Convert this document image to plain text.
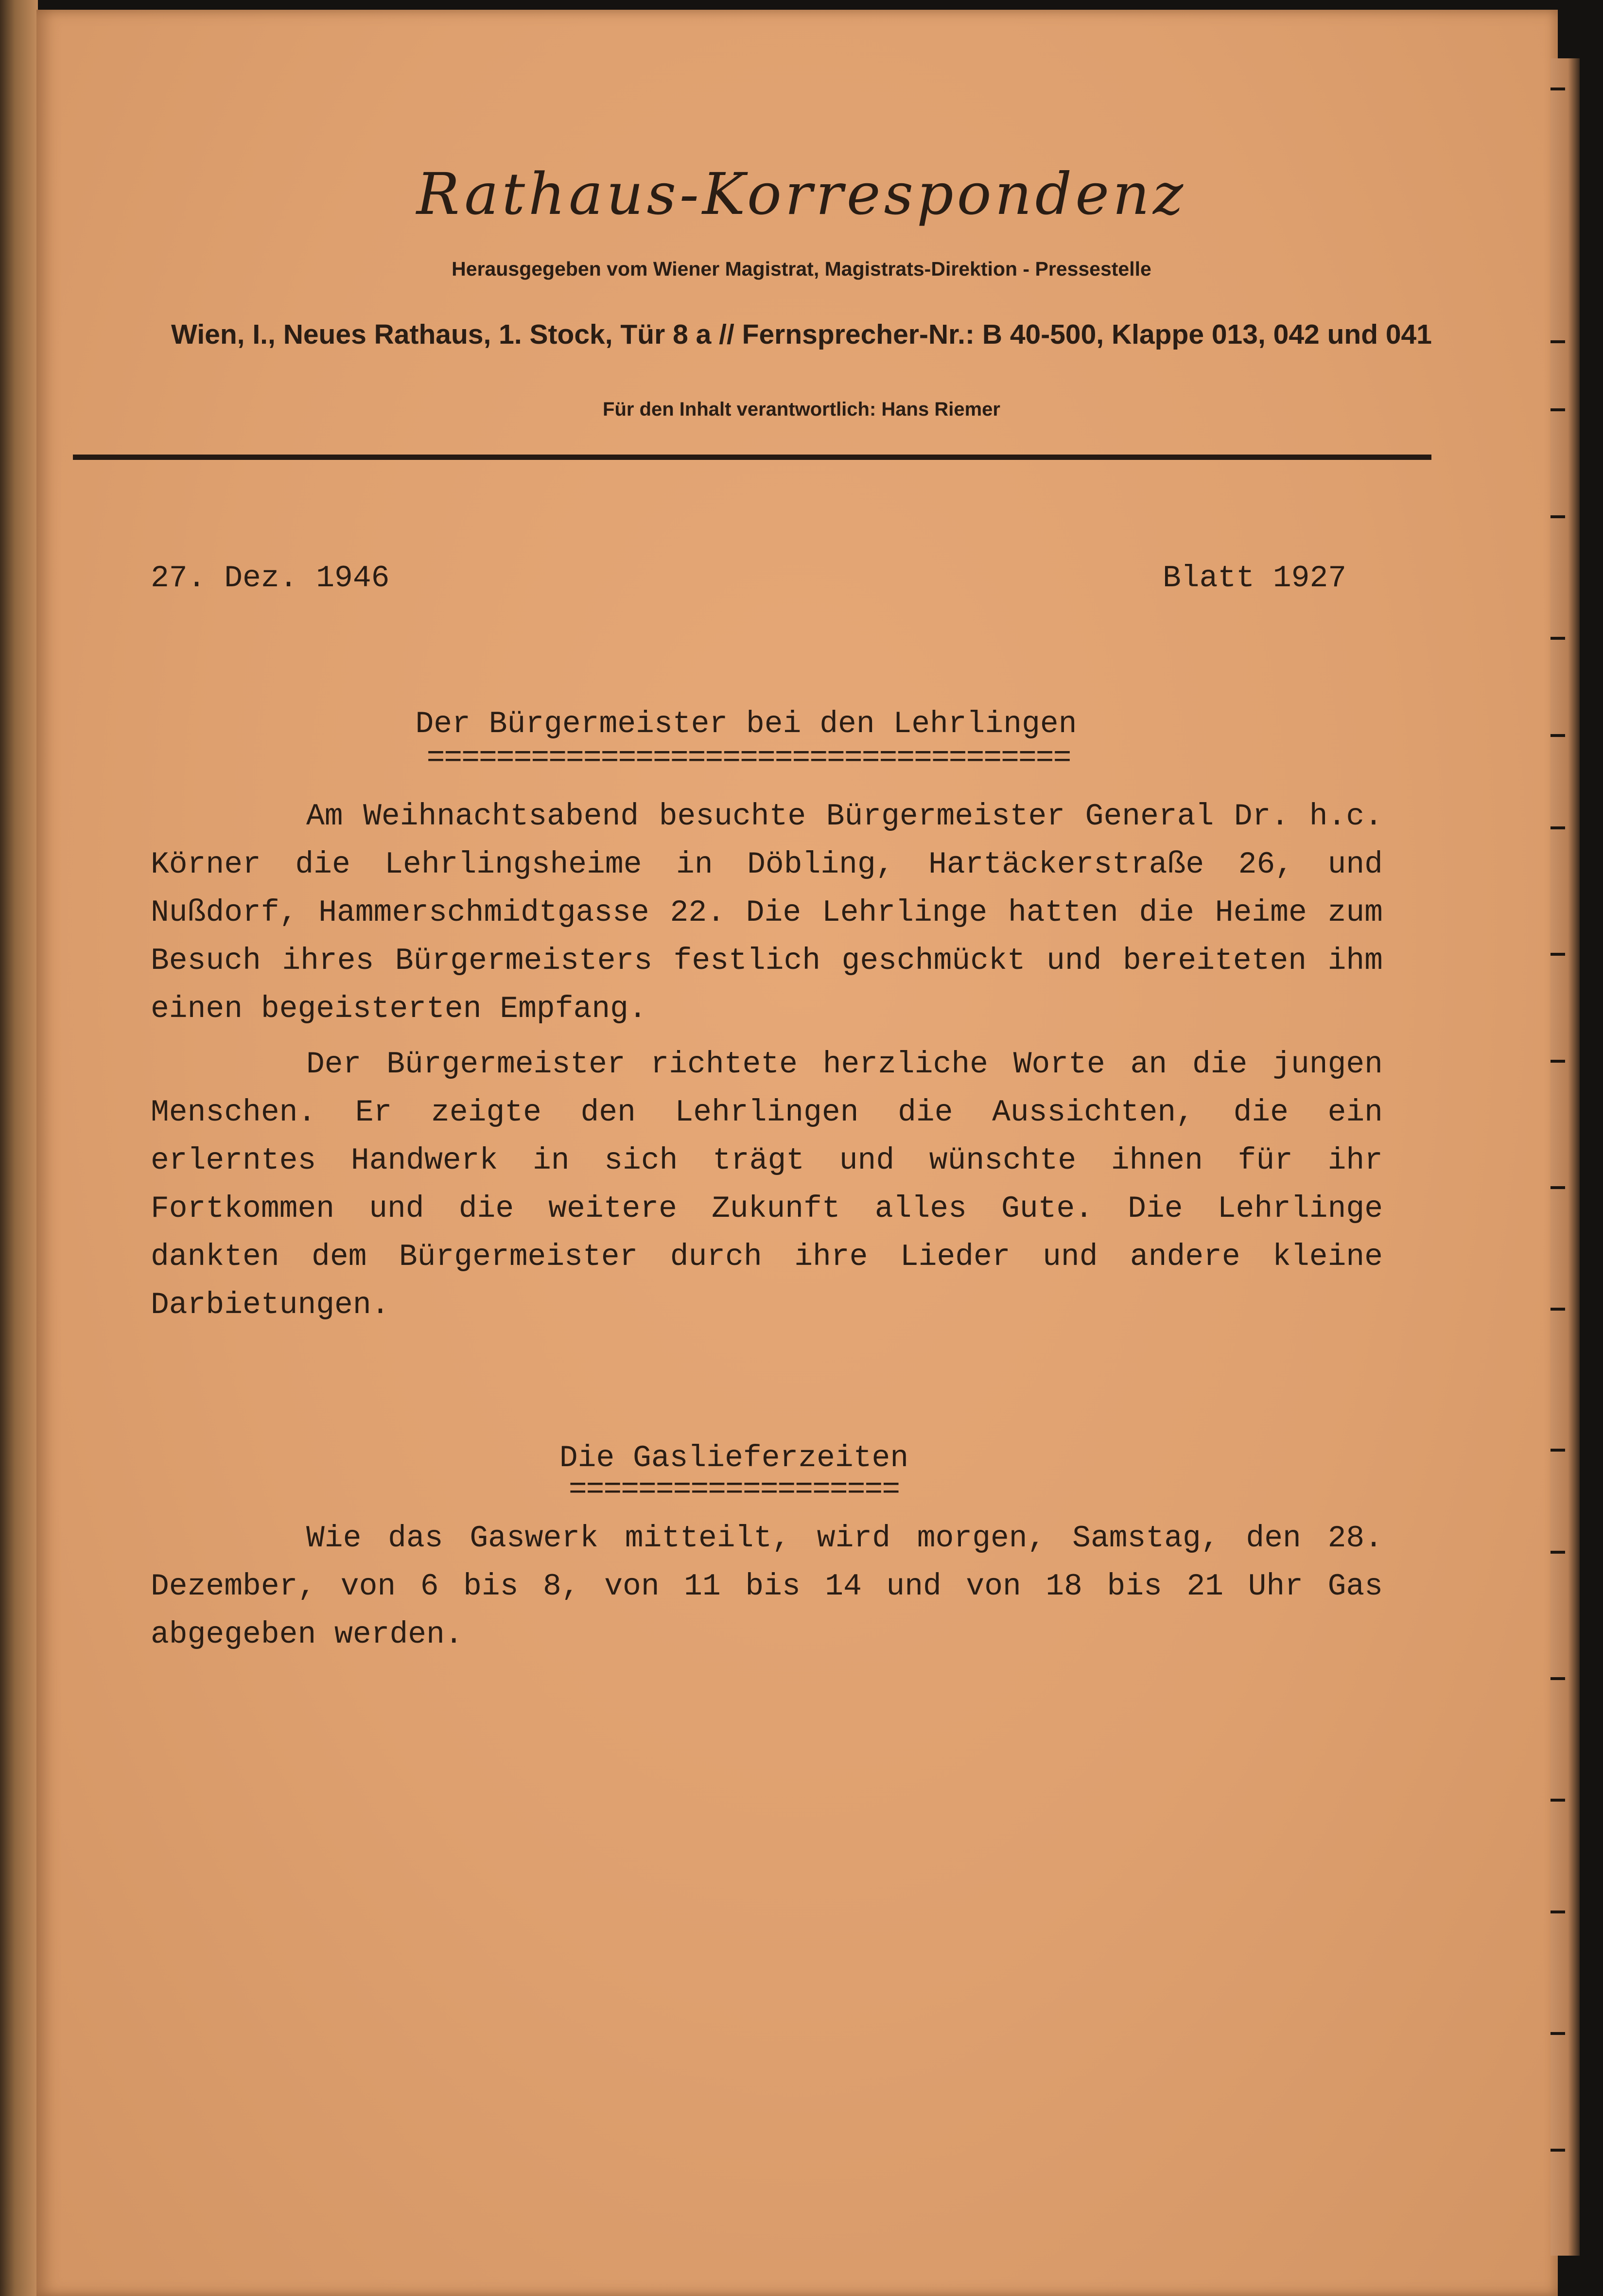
Rathaus-Korrespondenz
Herausgegeben vom Wiener Magistrat, Magistrats-Direktion - Pressestelle
Wien, I., Neues Rathaus, 1. Stock, Tür 8 a // Fernsprecher-Nr.: B 40-500, Klappe 013, 042 und 041
Für den Inhalt verantwortlich: Hans Riemer
27. Dez. 1946	Blatt 1927
Der Bürgermeister bei den Lehrlingen
=====================================
Am Weihnachtsabend besuchte Bürgermeister General Dr. h.c. Körner die Lehrlingsheime in Döbling, Hartäckerstraße 26, und Nußdorf, Hammerschmidtgasse 22. Die Lehrlinge hatten die Heime zum Besuch ihres Bürgermeisters festlich geschmückt und bereiteten ihm einen begeisterten Empfang.
Der Bürgermeister richtete herzliche Worte an die jungen Menschen. Er zeigte den Lehrlingen die Aussichten, die ein erlerntes Handwerk in sich trägt und wünschte ihnen für ihr Fortkommen und die weitere Zukunft alles Gute. Die Lehrlinge dankten dem Bürgermeister durch ihre Lieder und andere kleine Darbietungen.
Die Gaslieferzeiten
===================
Wie das Gaswerk mitteilt, wird morgen, Samstag, den 28. Dezember, von 6 bis 8, von 11 bis 14 und von 18 bis 21 Uhr Gas abgegeben werden.
